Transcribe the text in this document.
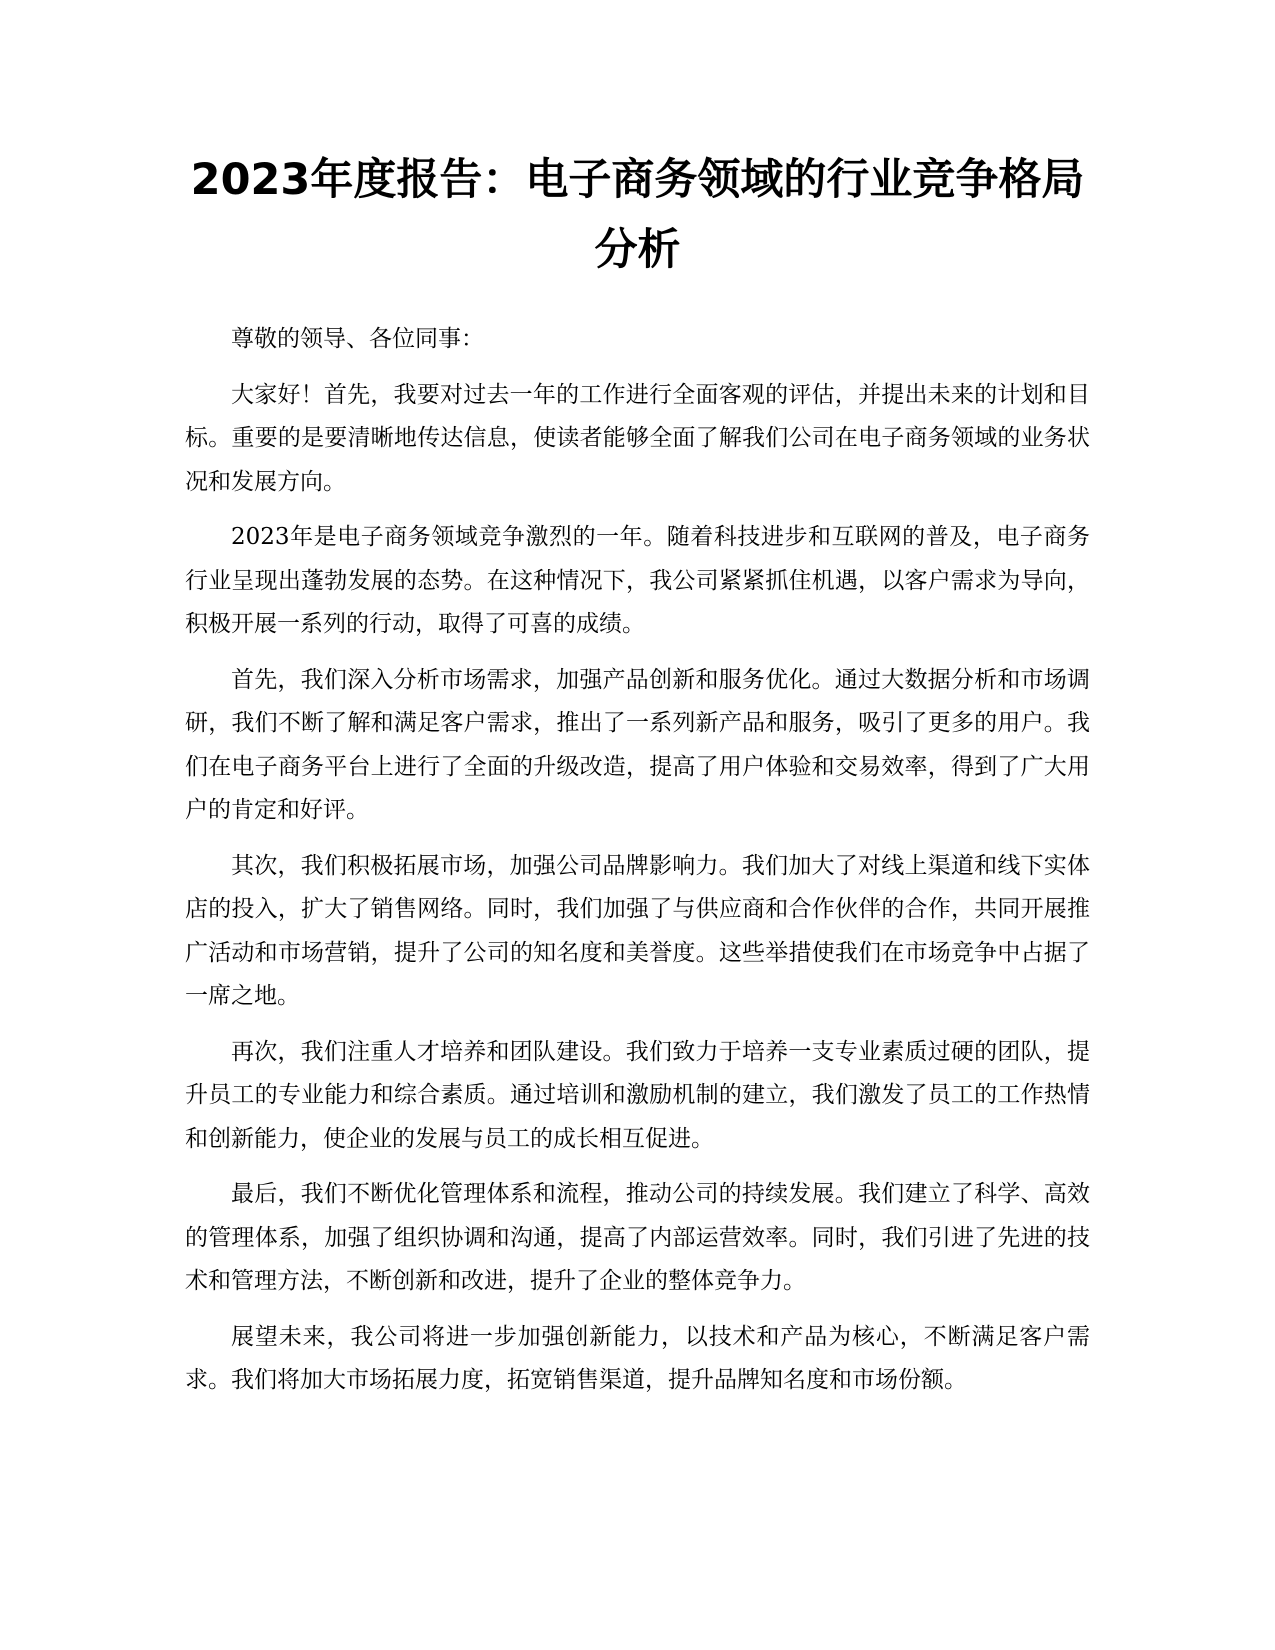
2023年度报告：电子商务领域的行业竞争格局分析

尊敬的领导、各位同事：

大家好！首先，我要对过去一年的工作进行全面客观的评估，并提出未来的计划和目标。重要的是要清晰地传达信息，使读者能够全面了解我们公司在电子商务领域的业务状况和发展方向。

2023年是电子商务领域竞争激烈的一年。随着科技进步和互联网的普及，电子商务行业呈现出蓬勃发展的态势。在这种情况下，我公司紧紧抓住机遇，以客户需求为导向，积极开展一系列的行动，取得了可喜的成绩。

首先，我们深入分析市场需求，加强产品创新和服务优化。通过大数据分析和市场调研，我们不断了解和满足客户需求，推出了一系列新产品和服务，吸引了更多的用户。我们在电子商务平台上进行了全面的升级改造，提高了用户体验和交易效率，得到了广大用户的肯定和好评。

其次，我们积极拓展市场，加强公司品牌影响力。我们加大了对线上渠道和线下实体店的投入，扩大了销售网络。同时，我们加强了与供应商和合作伙伴的合作，共同开展推广活动和市场营销，提升了公司的知名度和美誉度。这些举措使我们在市场竞争中占据了一席之地。

再次，我们注重人才培养和团队建设。我们致力于培养一支专业素质过硬的团队，提升员工的专业能力和综合素质。通过培训和激励机制的建立，我们激发了员工的工作热情和创新能力，使企业的发展与员工的成长相互促进。

最后，我们不断优化管理体系和流程，推动公司的持续发展。我们建立了科学、高效的管理体系，加强了组织协调和沟通，提高了内部运营效率。同时，我们引进了先进的技术和管理方法，不断创新和改进，提升了企业的整体竞争力。

展望未来，我公司将进一步加强创新能力，以技术和产品为核心，不断满足客户需求。我们将加大市场拓展力度，拓宽销售渠道，提升品牌知名度和市场份额。
